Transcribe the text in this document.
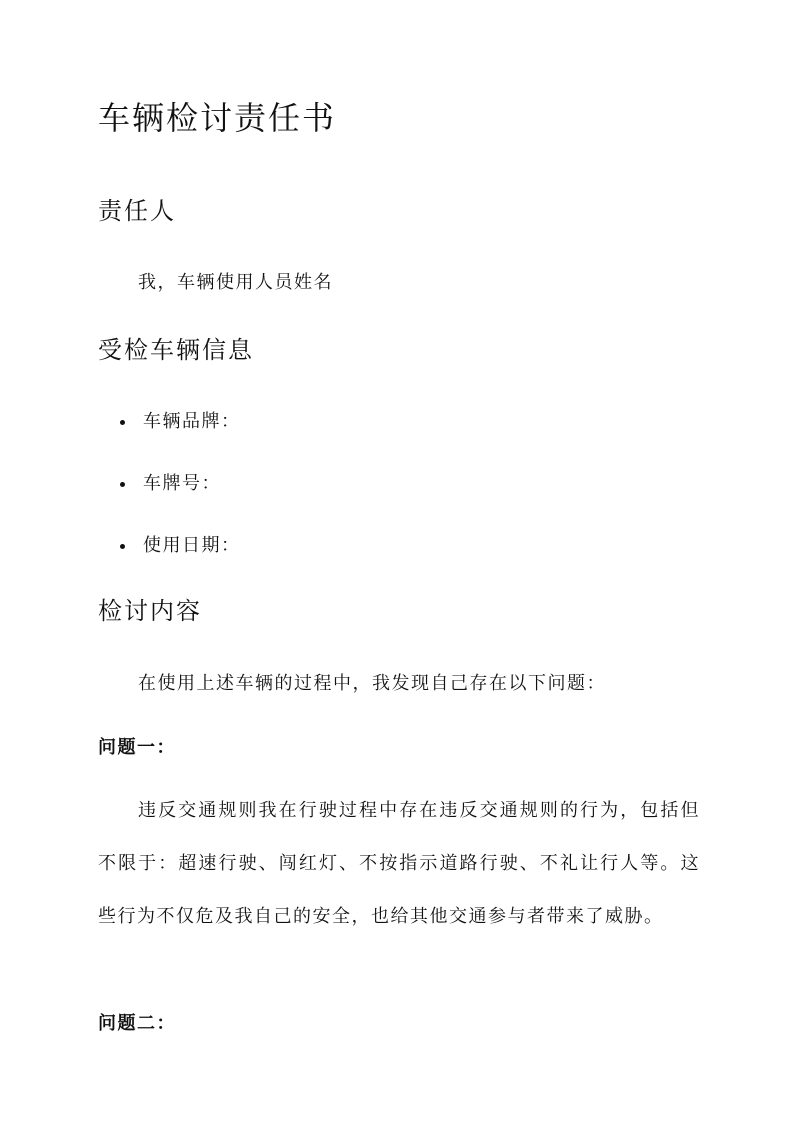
车辆检讨责任书
责任人

我，车辆使用人员姓名

受检车辆信息
车辆品牌：
车牌号：
使用日期：
检讨内容

在使用上述车辆的过程中，我发现自己存在以下问题：

问题一：

违反交通规则我在行驶过程中存在违反交通规则的行为，包括但不限于：超速行驶、闯红灯、不按指示道路行驶、不礼让行人等。这些行为不仅危及我自己的安全，也给其他交通参与者带来了威胁。

问题二：
